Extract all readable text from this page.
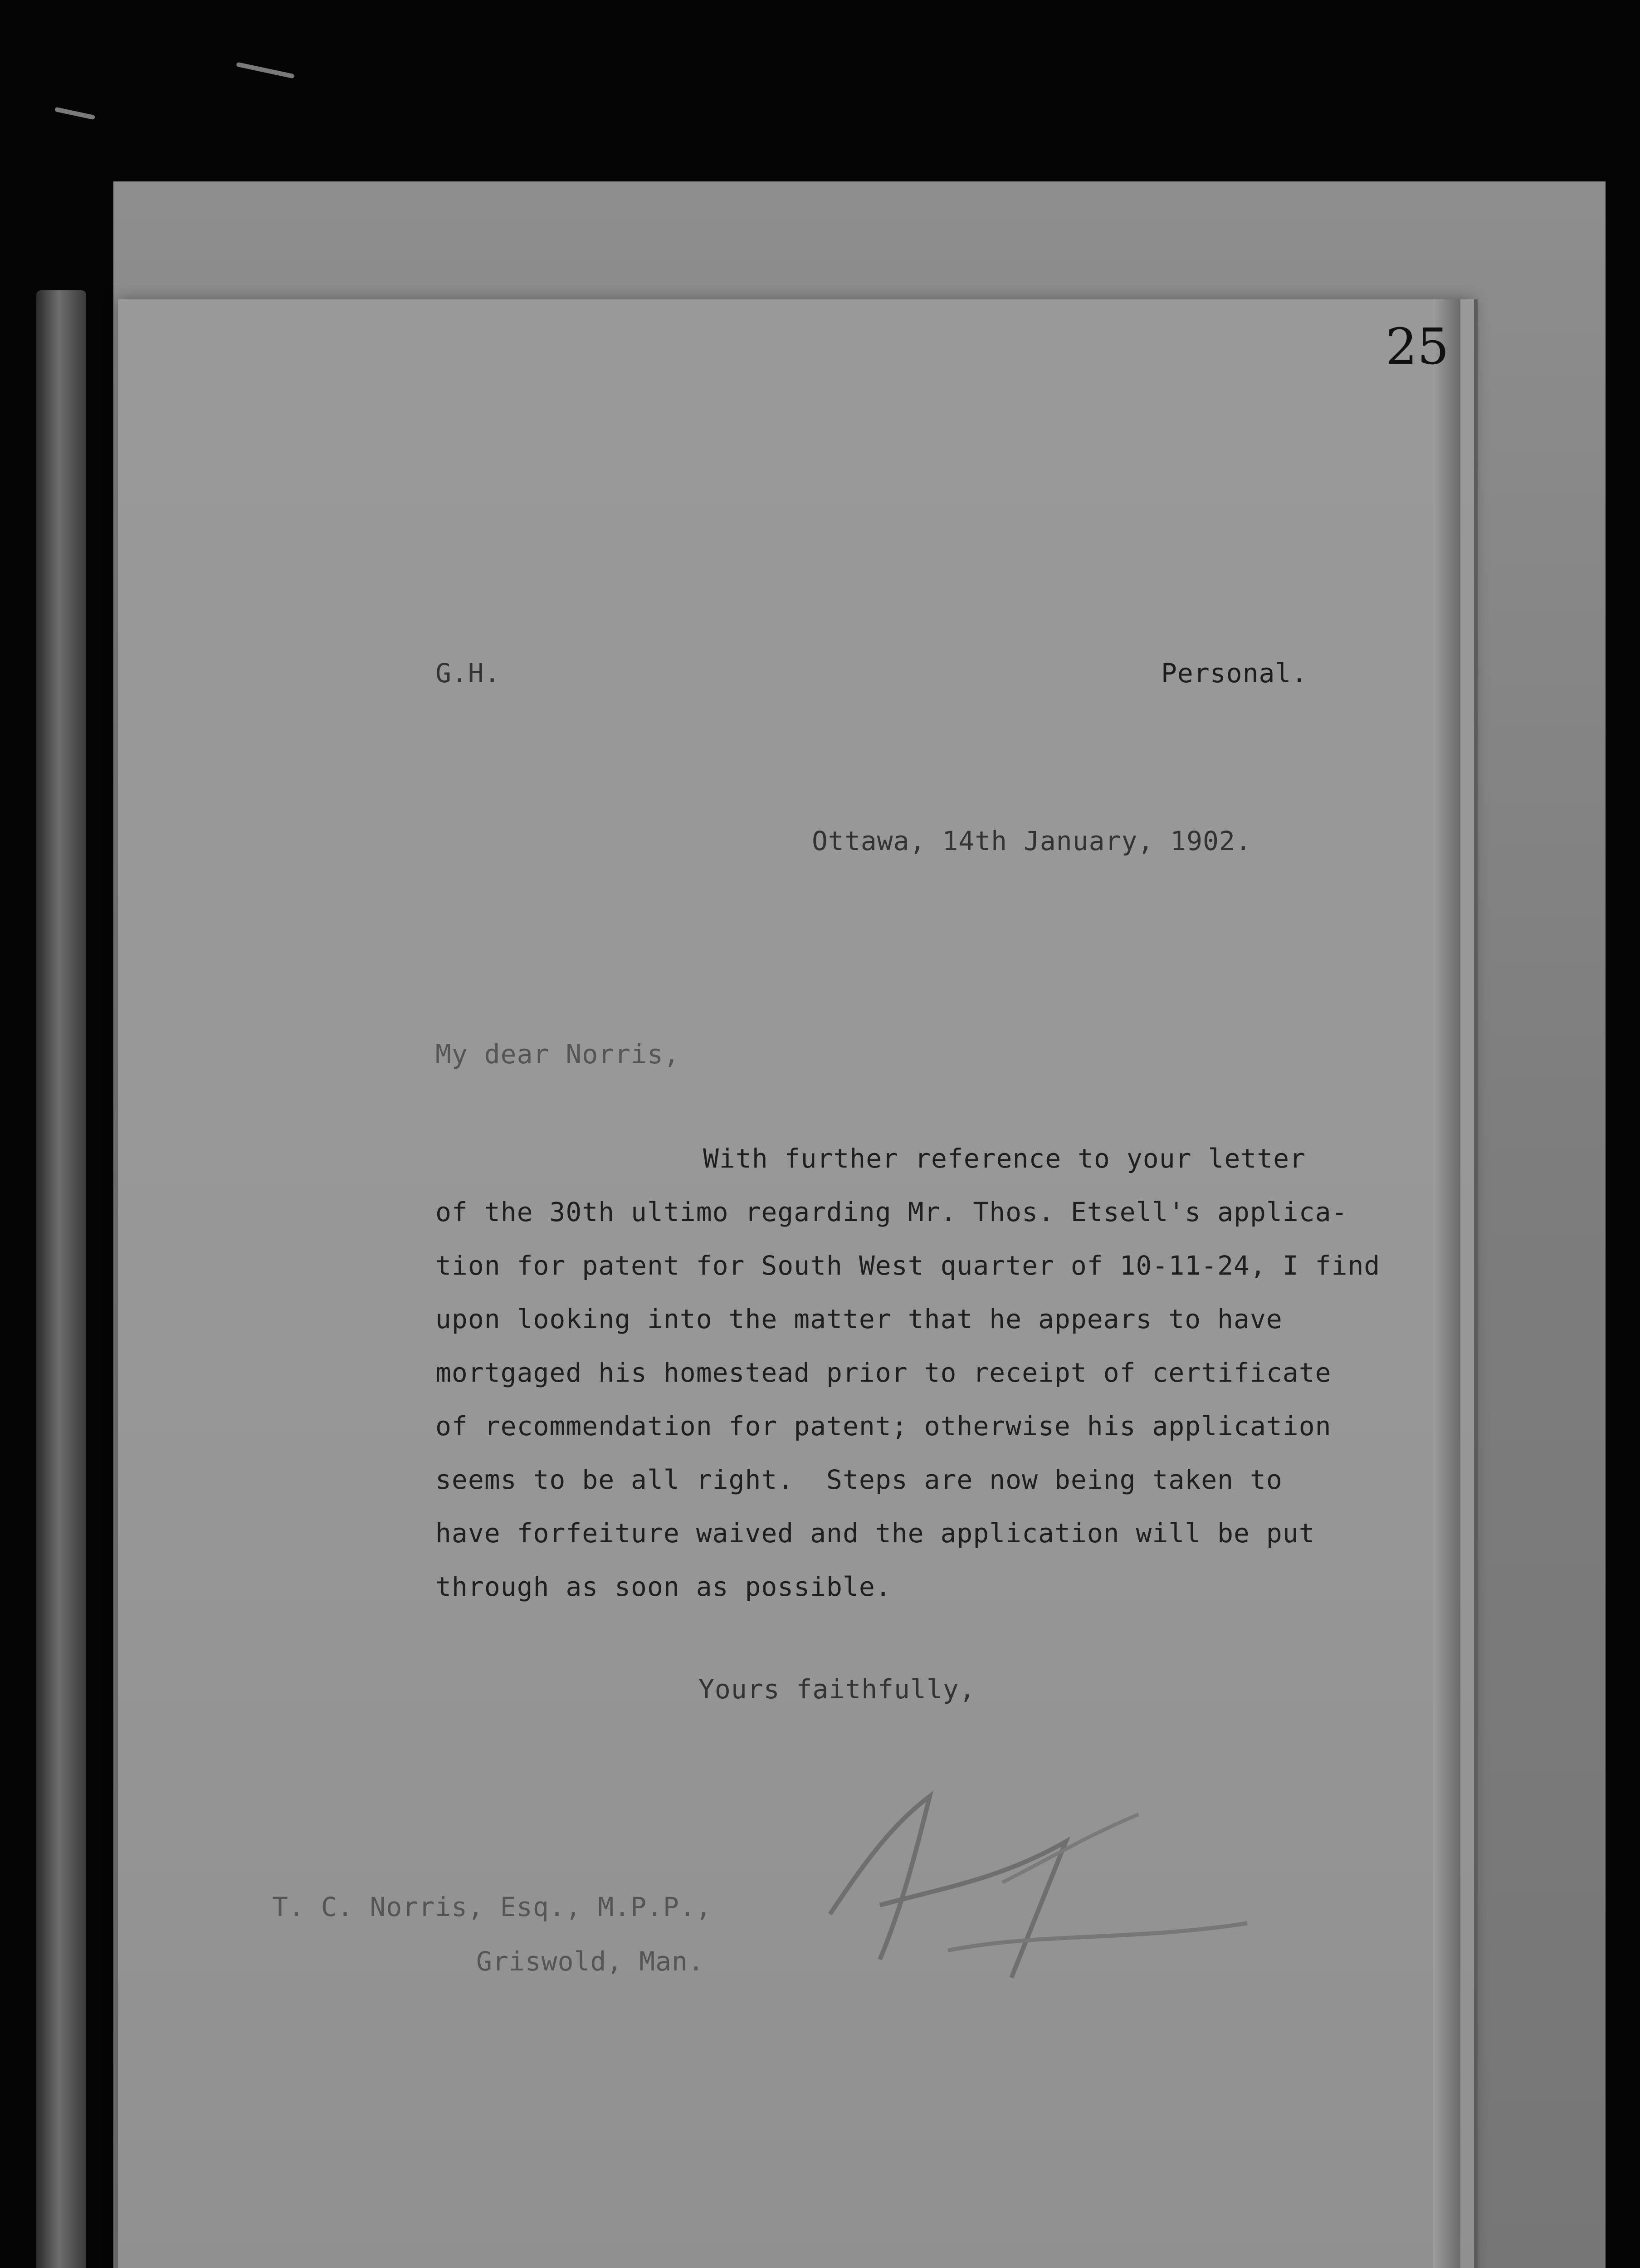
25
G.H.	Personal.
Ottawa, 14th January, 1902.
My dear Norris,
With further reference to your letter
of the 30th ultimo regarding Mr. Thos. Etsell's applica-
tion for patent for South West quarter of 10-11-24, I find
upon looking into the matter that he appears to have
mortgaged his homestead prior to receipt of certificate
of recommendation for patent; otherwise his application
seems to be all right.  Steps are now being taken to
have forfeiture waived and the application will be put
through as soon as possible.
Yours faithfully,
T. C. Norris, Esq., M.P.P.,
Griswold, Man.
